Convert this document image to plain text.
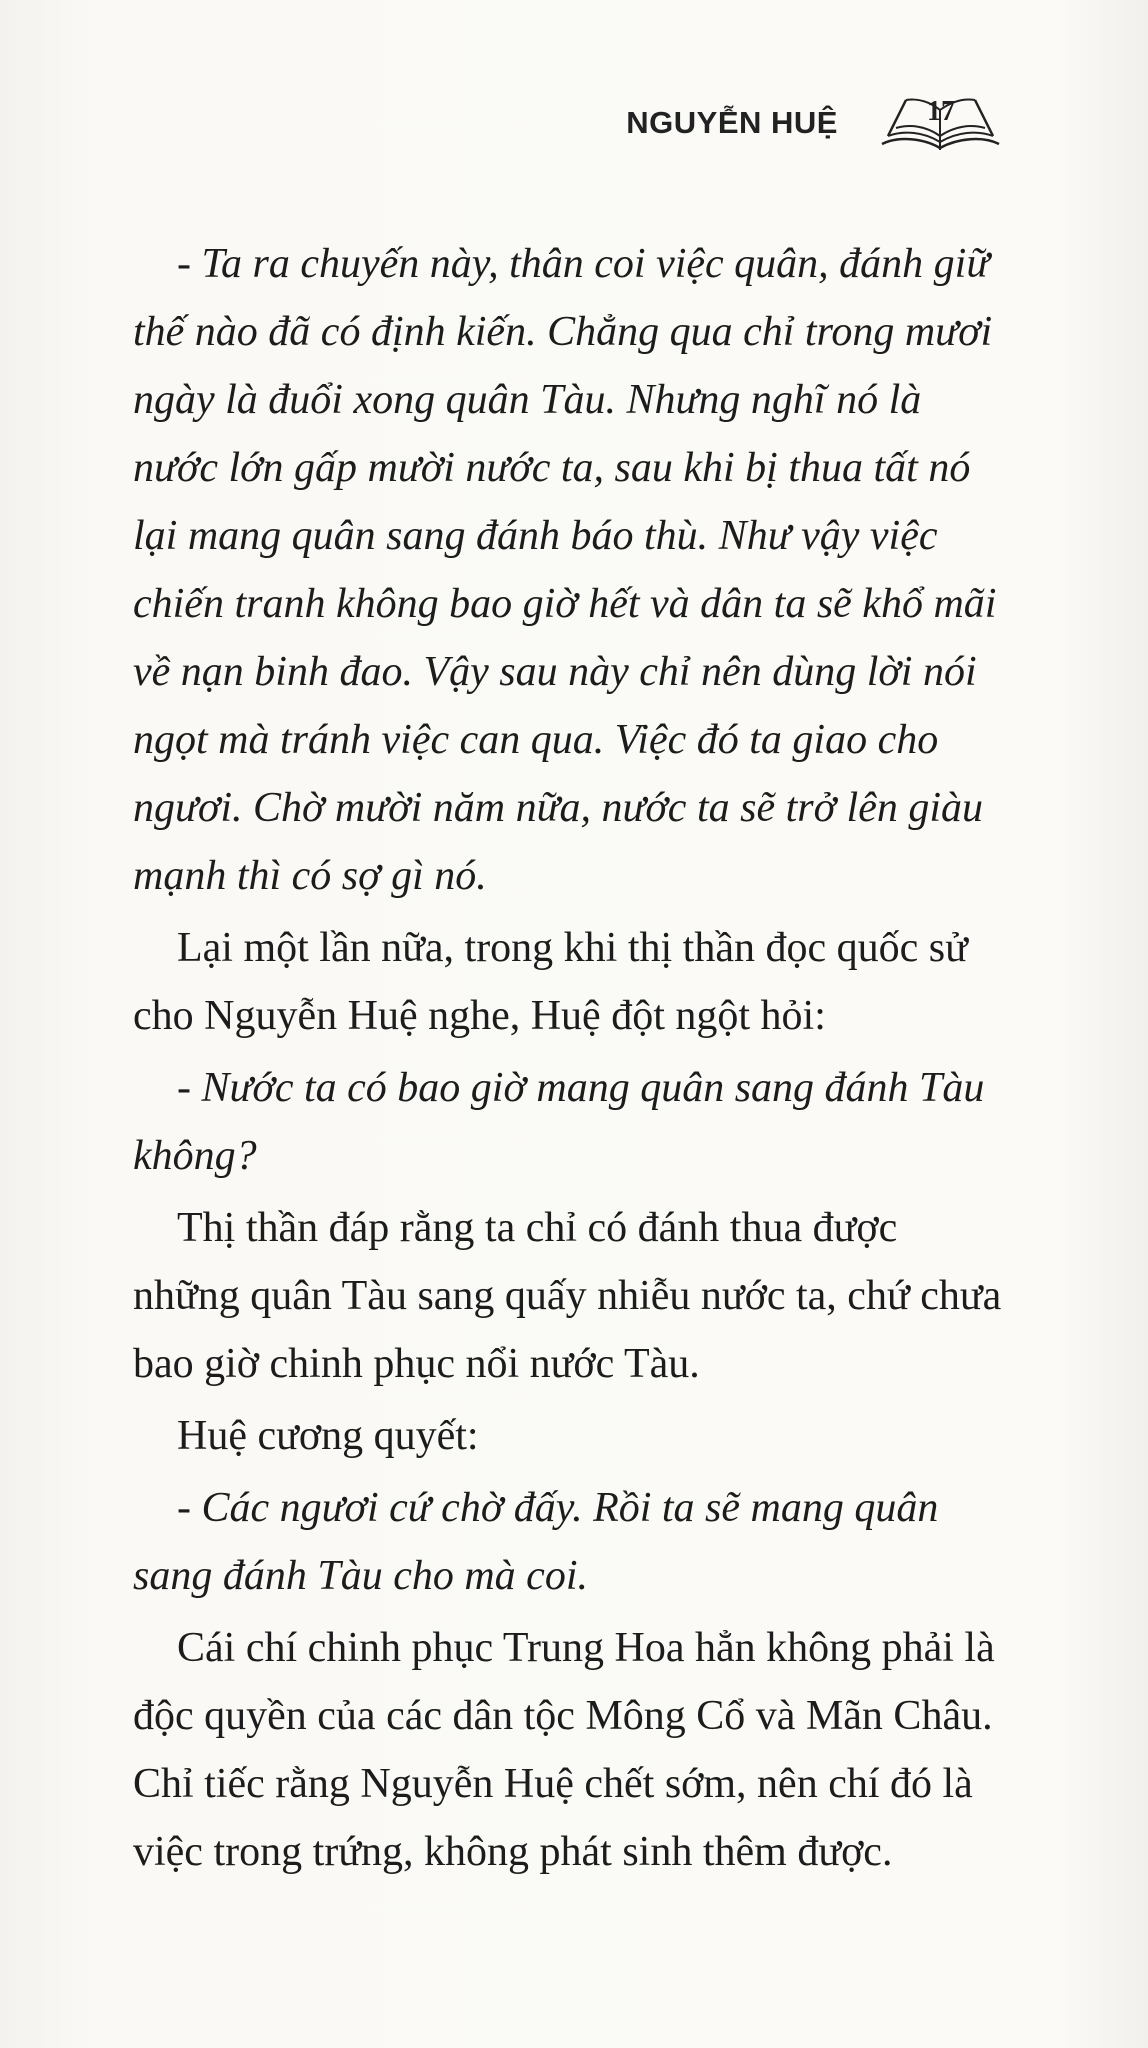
NGUYỄN HUỆ	17

- Ta ra chuyến này, thân coi việc quân, đánh giữ thế nào đã có định kiến. Chẳng qua chỉ trong mươi ngày là đuổi xong quân Tàu. Nhưng nghĩ nó là nước lớn gấp mười nước ta, sau khi bị thua tất nó lại mang quân sang đánh báo thù. Như vậy việc chiến tranh không bao giờ hết và dân ta sẽ khổ mãi về nạn binh đao. Vậy sau này chỉ nên dùng lời nói ngọt mà tránh việc can qua. Việc đó ta giao cho ngươi. Chờ mười năm nữa, nước ta sẽ trở lên giàu mạnh thì có sợ gì nó.

Lại một lần nữa, trong khi thị thần đọc quốc sử cho Nguyễn Huệ nghe, Huệ đột ngột hỏi:

- Nước ta có bao giờ mang quân sang đánh Tàu không?

Thị thần đáp rằng ta chỉ có đánh thua được những quân Tàu sang quấy nhiễu nước ta, chứ chưa bao giờ chinh phục nổi nước Tàu.

Huệ cương quyết:

- Các ngươi cứ chờ đấy. Rồi ta sẽ mang quân sang đánh Tàu cho mà coi.

Cái chí chinh phục Trung Hoa hẳn không phải là độc quyền của các dân tộc Mông Cổ và Mãn Châu. Chỉ tiếc rằng Nguyễn Huệ chết sớm, nên chí đó là việc trong trứng, không phát sinh thêm được.
